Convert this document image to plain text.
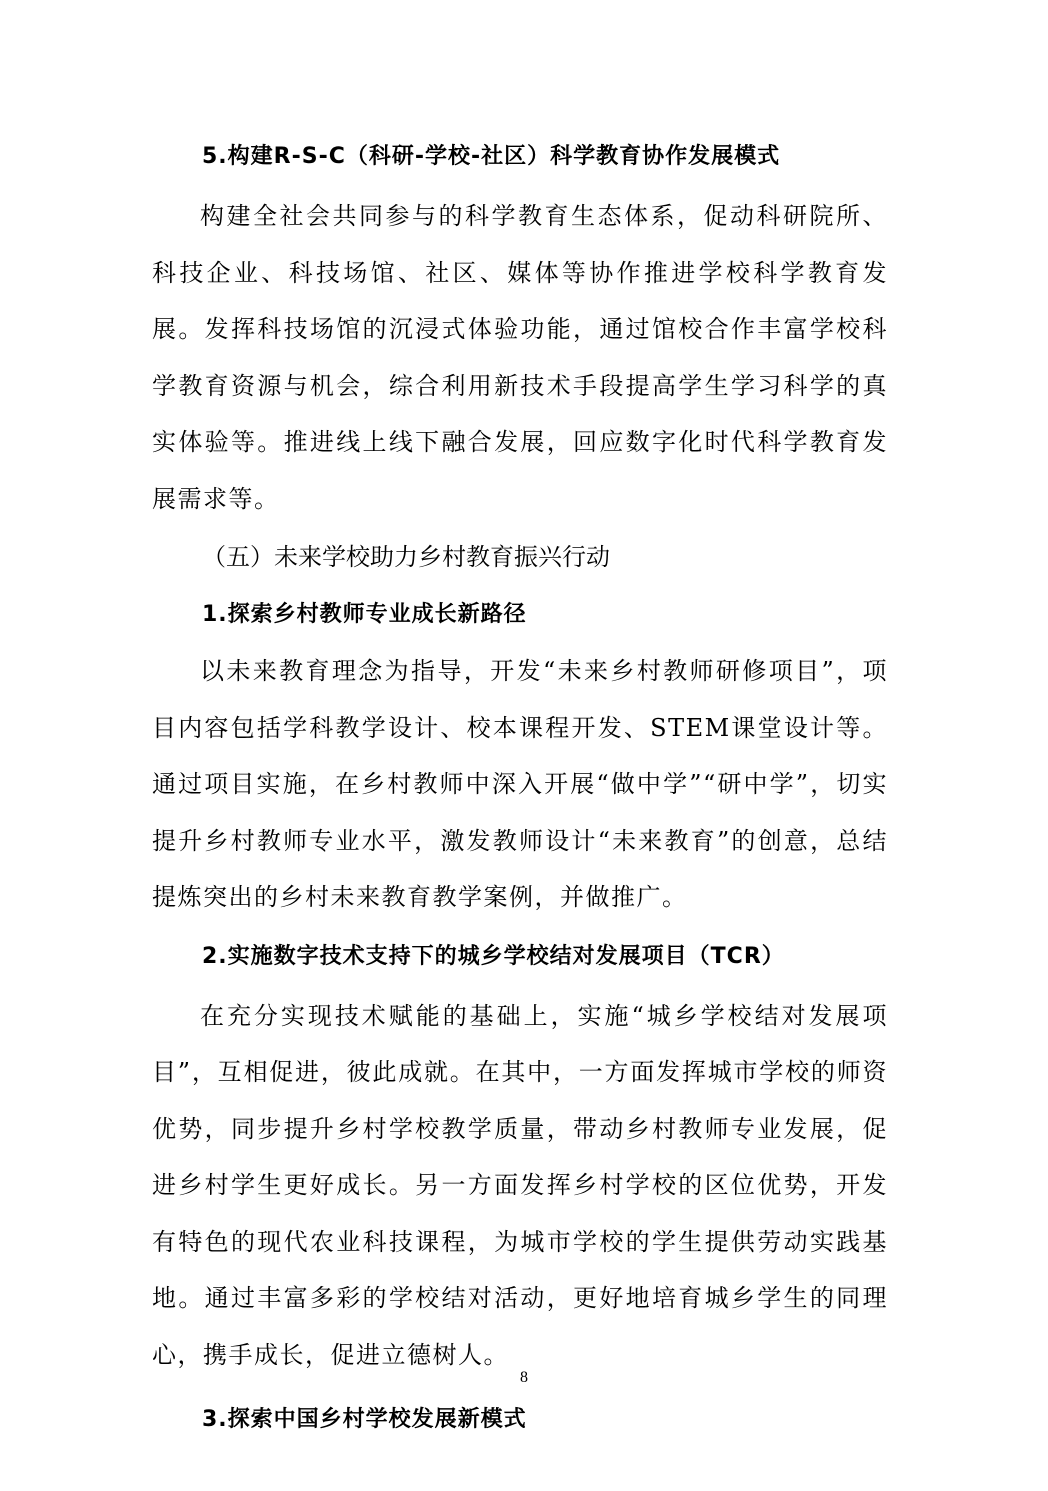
5.构建R-S-C（科研-学校-社区）科学教育协作发展模式

构建全社会共同参与的科学教育生态体系，促动科研院所、科技企业、科技场馆、社区、媒体等协作推进学校科学教育发展。发挥科技场馆的沉浸式体验功能，通过馆校合作丰富学校科学教育资源与机会，综合利用新技术手段提高学生学习科学的真实体验等。推进线上线下融合发展，回应数字化时代科学教育发展需求等。

（五）未来学校助力乡村教育振兴行动
1.探索乡村教师专业成长新路径

以未来教育理念为指导，开发“未来乡村教师研修项目”，项目内容包括学科教学设计、校本课程开发、STEM课堂设计等。通过项目实施，在乡村教师中深入开展“做中学”“研中学”，切实提升乡村教师专业水平，激发教师设计“未来教育”的创意，总结提炼突出的乡村未来教育教学案例，并做推广。

2.实施数字技术支持下的城乡学校结对发展项目（TCR）

在充分实现技术赋能的基础上，实施“城乡学校结对发展项目”，互相促进，彼此成就。在其中，一方面发挥城市学校的师资优势，同步提升乡村学校教学质量，带动乡村教师专业发展，促进乡村学生更好成长。另一方面发挥乡村学校的区位优势，开发有特色的现代农业科技课程，为城市学校的学生提供劳动实践基地。通过丰富多彩的学校结对活动，更好地培育城乡学生的同理心，携手成长，促进立德树人。

3.探索中国乡村学校发展新模式
8
